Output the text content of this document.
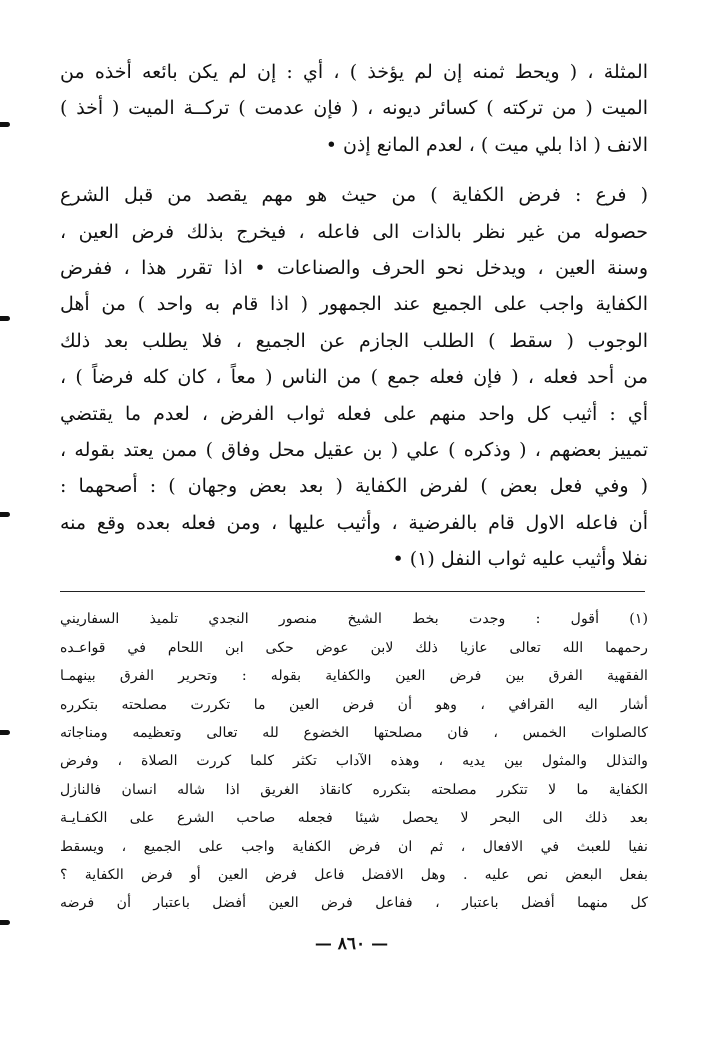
المثلة ، ( ويحط ثمنه إن لم يؤخذ ) ، أي : إن لم يكن بائعه أخذه من
الميت ( من تركته ) كسائر ديونه ، ( فإن عدمت ) تركــة الميت ( أخذ )
الانف ( اذا بلي ميت ) ، لعدم المانع إذن •
( فرع : فرض الكفاية ) من حيث هو مهم يقصد من قبل الشرع
حصوله من غير نظر بالذات الى فاعله ، فيخرج بذلك فرض العين ،
وسنة العين ، ويدخل نحو الحرف والصناعات • اذا تقرر هذا ، ففرض
الكفاية واجب على الجميع عند الجمهور ( اذا قام به واحد ) من أهل
الوجوب ( سقط ) الطلب الجازم عن الجميع ، فلا يطلب بعد ذلك
من أحد فعله ، ( فإن فعله جمع ) من الناس ( معاً ، كان كله فرضاً ) ،
أي : أثيب كل واحد منهم على فعله ثواب الفرض ، لعدم ما يقتضي
تمييز بعضهم ، ( وذكره ) علي ( بن عقيل محل وفاق ) ممن يعتد بقوله ،
( وفي فعل بعض ) لفرض الكفاية ( بعد بعض وجهان ) : أصحهما :
أن فاعله الاول قام بالفرضية ، وأثيب عليها ، ومن فعله بعده وقع منه
نفلا وأثيب عليه ثواب النفل (١) •
(١) أقول : وجدت بخط الشيخ منصور النجدي تلميذ السفاريني
رحمهما الله تعالى عازيا ذلك لابن عوض حكى ابن اللحام في قواعـده
الفقهية الفرق بين فرض العين والكفاية بقوله : وتحرير الفرق بينهمـا
أشار اليه القرافي ، وهو أن فرض العين ما تكررت مصلحته بتكرره
كالصلوات الخمس ، فان مصلحتها الخضوع لله تعالى وتعظيمه ومناجاته
والتذلل والمثول بين يديه ، وهذه الآداب تكثر كلما كررت الصلاة ، وفرض
الكفاية ما لا تتكرر مصلحته بتكرره كانقاذ الغريق اذا شاله انسان فالنازل
بعد ذلك الى البحر لا يحصل شيئا فجعله صاحب الشرع على الكفـايـة
نفيا للعبث في الافعال ، ثم ان فرض الكفاية واجب على الجميع ، ويسقط
بفعل البعض نص عليه . وهل الافضل فاعل فرض العين أو فرض الكفاية ؟
كل منهما أفضل باعتبار ، ففاعل فرض العين أفضل باعتبار أن فرضه
— ٨٦٠ —
